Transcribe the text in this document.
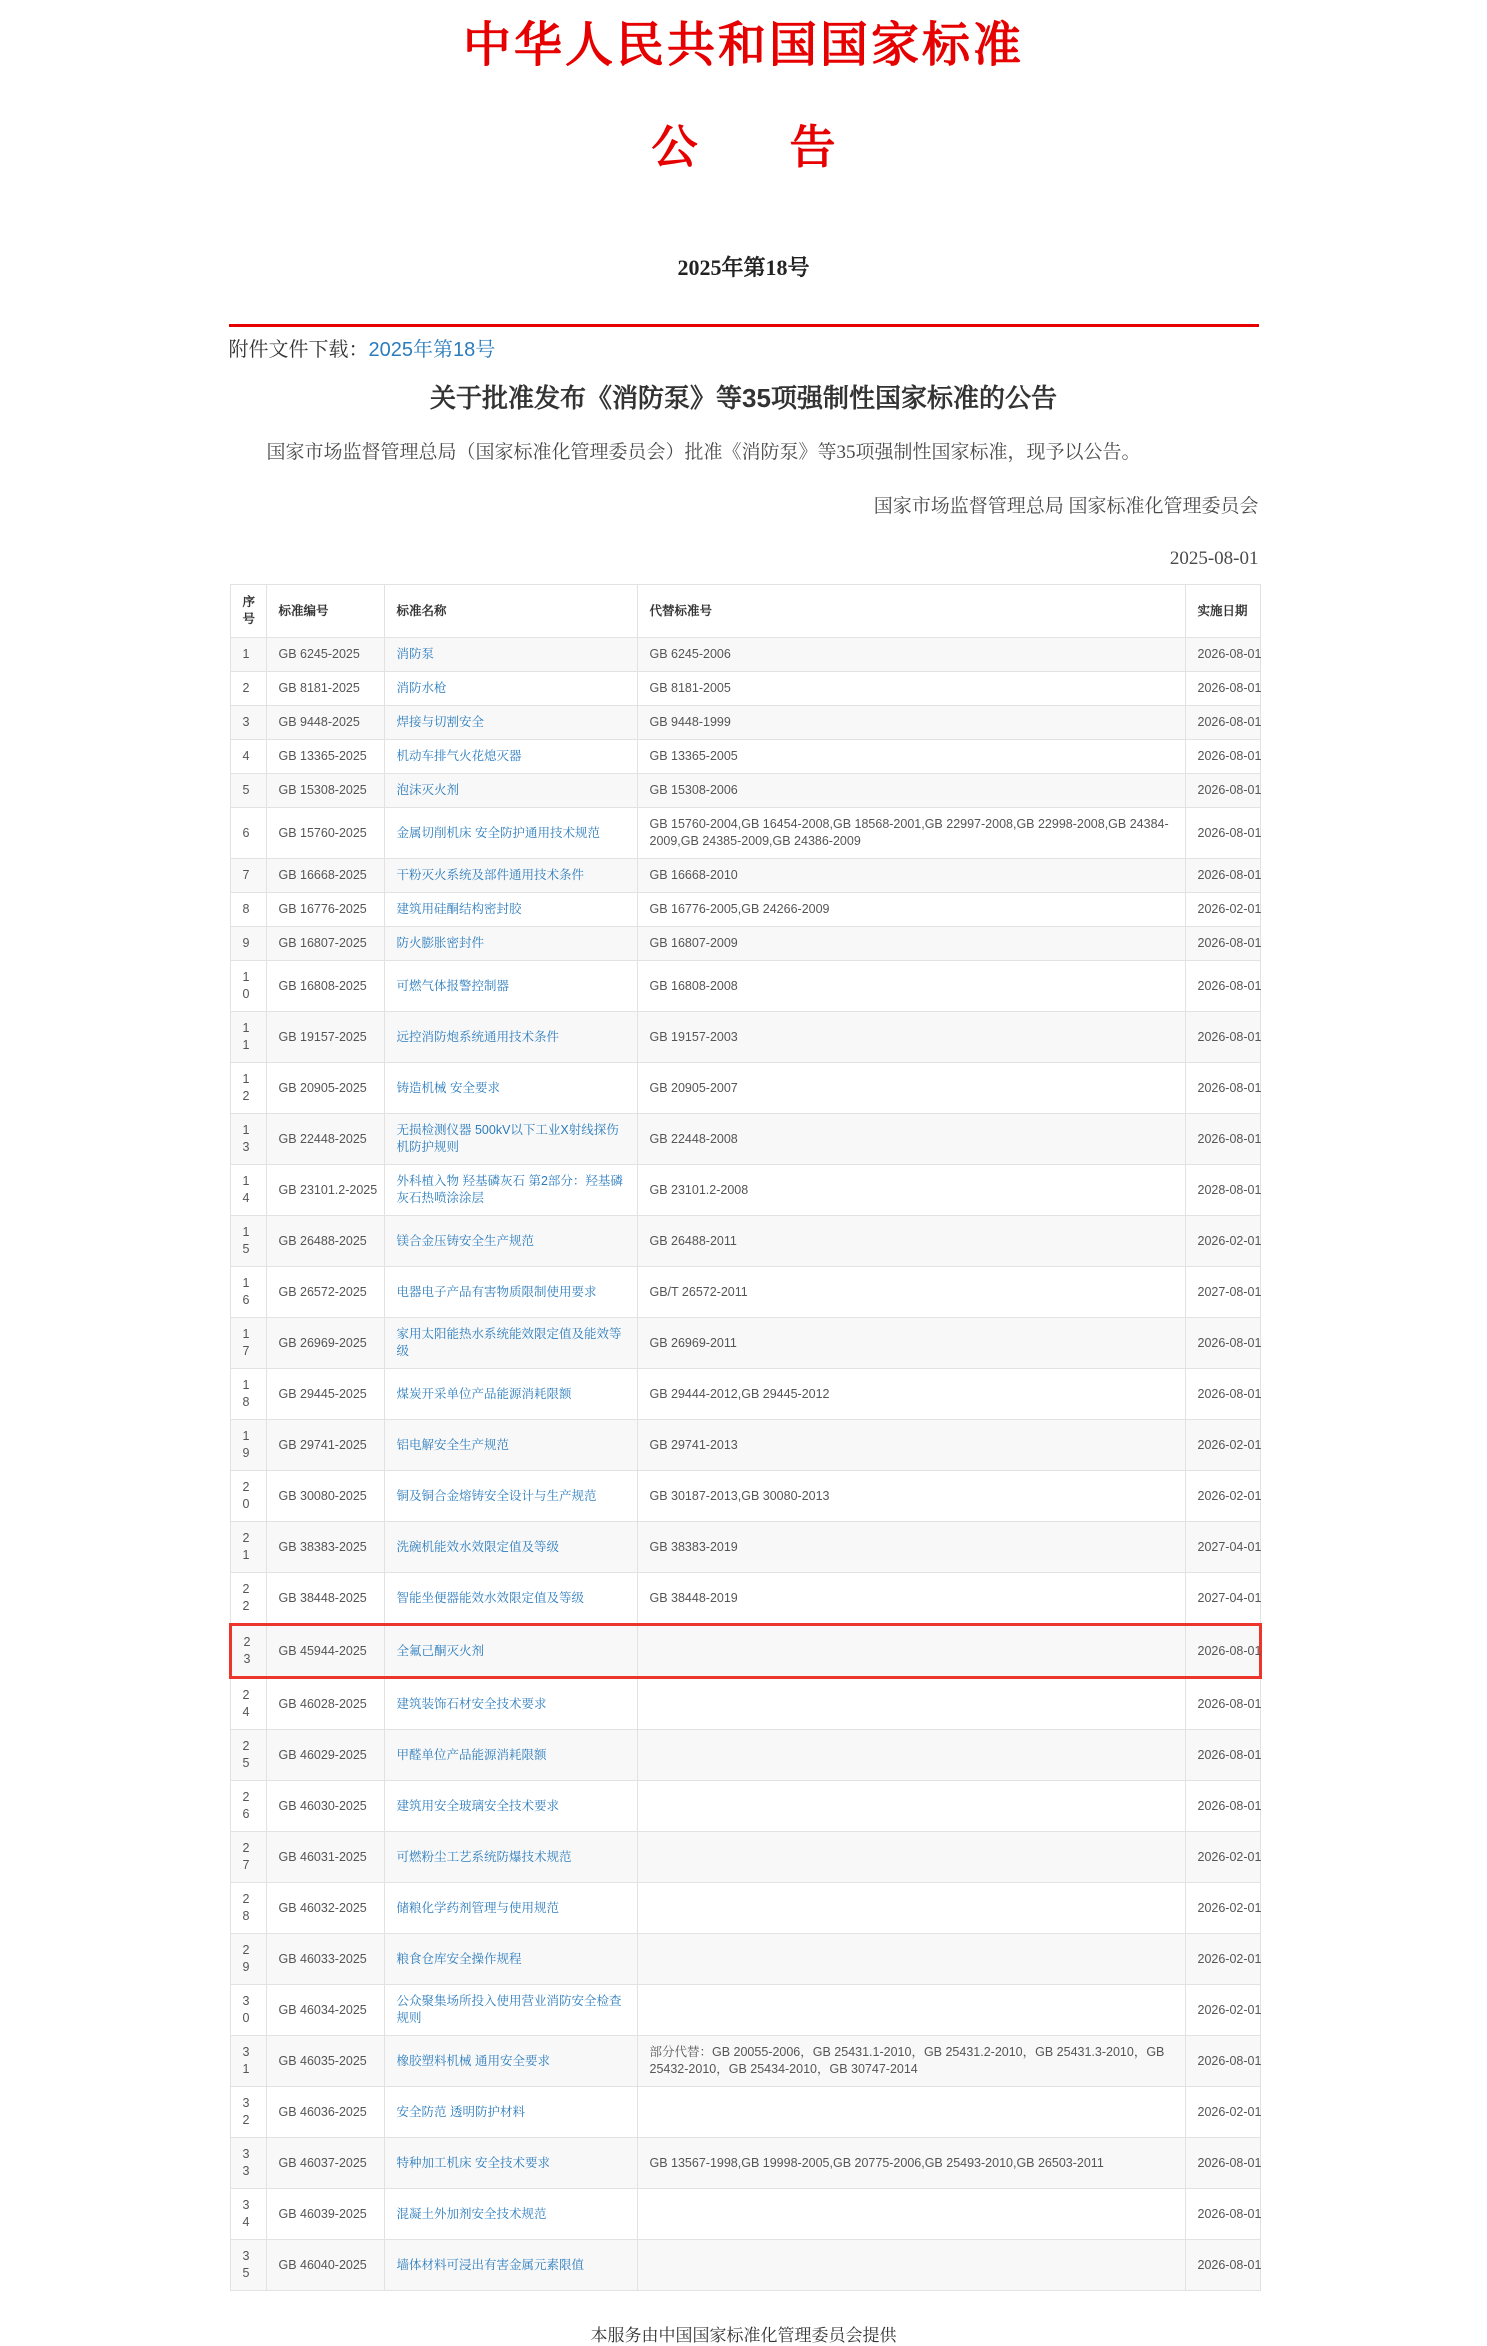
中华人民共和国国家标准
公　　告
2025年第18号
附件文件下载：2025年第18号
关于批准发布《消防泵》等35项强制性国家标准的公告

国家市场监督管理总局（国家标准化管理委员会）批准《消防泵》等35项强制性国家标准，现予以公告。

国家市场监督管理总局 国家标准化管理委员会
2025-08-01
序号	标准编号	标准名称	代替标准号	实施日期
1	GB 6245-2025	消防泵	GB 6245-2006	2026-08-01
2	GB 8181-2025	消防水枪	GB 8181-2005	2026-08-01
3	GB 9448-2025	焊接与切割安全	GB 9448-1999	2026-08-01
4	GB 13365-2025	机动车排气火花熄灭器	GB 13365-2005	2026-08-01
5	GB 15308-2025	泡沫灭火剂	GB 15308-2006	2026-08-01
6	GB 15760-2025	金属切削机床 安全防护通用技术规范	GB 15760-2004,GB 16454-2008,GB 18568-2001,GB 22997-2008,GB 22998-2008,GB 24384-2009,GB 24385-2009,GB 24386-2009	2026-08-01
7	GB 16668-2025	干粉灭火系统及部件通用技术条件	GB 16668-2010	2026-08-01
8	GB 16776-2025	建筑用硅酮结构密封胶	GB 16776-2005,GB 24266-2009	2026-02-01
9	GB 16807-2025	防火膨胀密封件	GB 16807-2009	2026-08-01
10	GB 16808-2025	可燃气体报警控制器	GB 16808-2008	2026-08-01
11	GB 19157-2025	远控消防炮系统通用技术条件	GB 19157-2003	2026-08-01
12	GB 20905-2025	铸造机械 安全要求	GB 20905-2007	2026-08-01
13	GB 22448-2025	无损检测仪器 500kV以下工业X射线探伤机防护规则	GB 22448-2008	2026-08-01
14	GB 23101.2-2025	外科植入物 羟基磷灰石 第2部分：羟基磷灰石热喷涂涂层	GB 23101.2-2008	2028-08-01
15	GB 26488-2025	镁合金压铸安全生产规范	GB 26488-2011	2026-02-01
16	GB 26572-2025	电器电子产品有害物质限制使用要求	GB/T 26572-2011	2027-08-01
17	GB 26969-2025	家用太阳能热水系统能效限定值及能效等级	GB 26969-2011	2026-08-01
18	GB 29445-2025	煤炭开采单位产品能源消耗限额	GB 29444-2012,GB 29445-2012	2026-08-01
19	GB 29741-2025	铝电解安全生产规范	GB 29741-2013	2026-02-01
20	GB 30080-2025	铜及铜合金熔铸安全设计与生产规范	GB 30187-2013,GB 30080-2013	2026-02-01
21	GB 38383-2025	洗碗机能效水效限定值及等级	GB 38383-2019	2027-04-01
22	GB 38448-2025	智能坐便器能效水效限定值及等级	GB 38448-2019	2027-04-01
23	GB 45944-2025	全氟己酮灭火剂		2026-08-01
24	GB 46028-2025	建筑装饰石材安全技术要求		2026-08-01
25	GB 46029-2025	甲醛单位产品能源消耗限额		2026-08-01
26	GB 46030-2025	建筑用安全玻璃安全技术要求		2026-08-01
27	GB 46031-2025	可燃粉尘工艺系统防爆技术规范		2026-02-01
28	GB 46032-2025	储粮化学药剂管理与使用规范		2026-02-01
29	GB 46033-2025	粮食仓库安全操作规程		2026-02-01
30	GB 46034-2025	公众聚集场所投入使用营业消防安全检查规则		2026-02-01
31	GB 46035-2025	橡胶塑料机械 通用安全要求	部分代替：GB 20055-2006，GB 25431.1-2010，GB 25431.2-2010，GB 25431.3-2010，GB 25432-2010，GB 25434-2010，GB 30747-2014	2026-08-01
32	GB 46036-2025	安全防范 透明防护材料		2026-02-01
33	GB 46037-2025	特种加工机床 安全技术要求	GB 13567-1998,GB 19998-2005,GB 20775-2006,GB 25493-2010,GB 26503-2011	2026-08-01
34	GB 46039-2025	混凝土外加剂安全技术规范		2026-08-01
35	GB 46040-2025	墙体材料可浸出有害金属元素限值		2026-08-01
本服务由中国国家标准化管理委员会提供
